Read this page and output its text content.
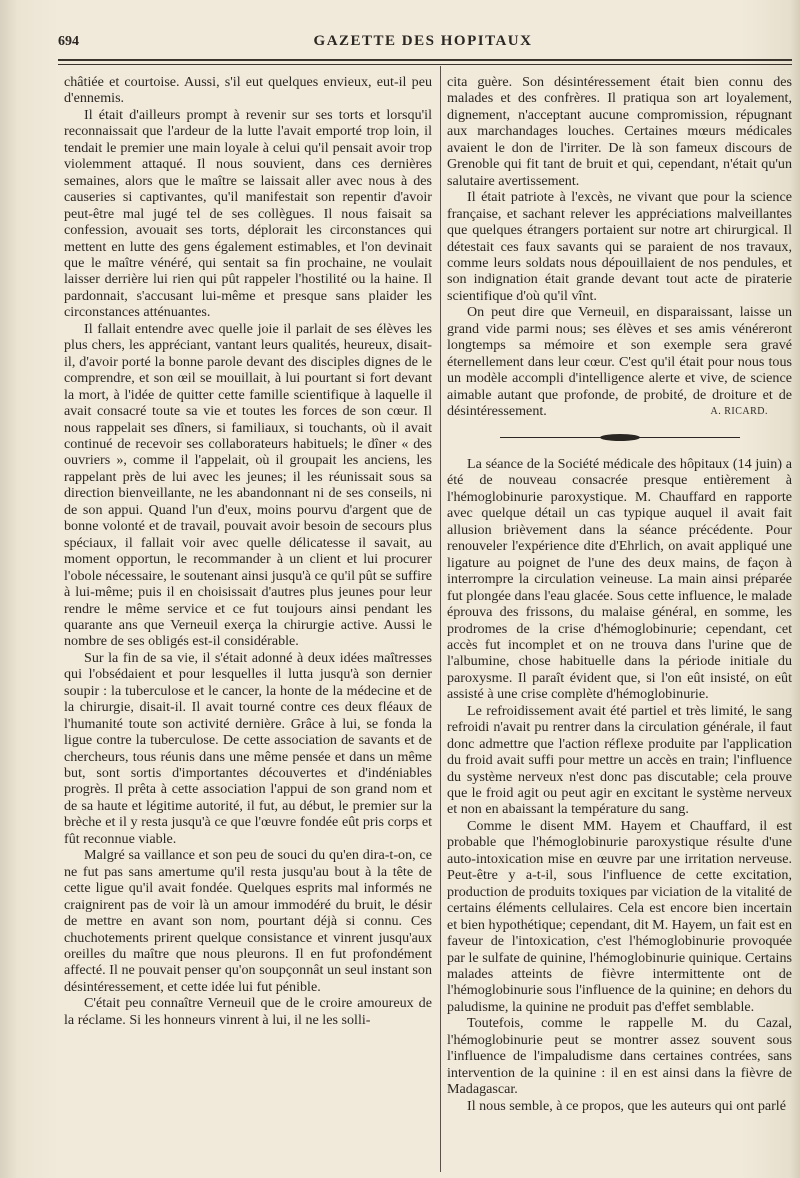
694	GAZETTE DES HOPITAUX

châtiée et courtoise. Aussi, s'il eut quelques envieux, eut-il peu d'ennemis.

Il était d'ailleurs prompt à revenir sur ses torts et lorsqu'il reconnaissait que l'ardeur de la lutte l'avait emporté trop loin, il tendait le premier une main loyale à celui qu'il pensait avoir trop violemment attaqué. Il nous souvient, dans ces dernières semaines, alors que le maître se laissait aller avec nous à des causeries si captivantes, qu'il manifestait son repentir d'avoir peut-être mal jugé tel de ses collègues. Il nous faisait sa confession, avouait ses torts, déplorait les circonstances qui mettent en lutte des gens également estimables, et l'on devinait que le maître vénéré, qui sentait sa fin prochaine, ne voulait laisser derrière lui rien qui pût rappeler l'hostilité ou la haine. Il pardonnait, s'accusant lui-même et presque sans plaider les circonstances atténuantes.

Il fallait entendre avec quelle joie il parlait de ses élèves les plus chers, les appréciant, vantant leurs qualités, heureux, disait-il, d'avoir porté la bonne parole devant des disciples dignes de le comprendre, et son œil se mouillait, à lui pourtant si fort devant la mort, à l'idée de quitter cette famille scientifique à laquelle il avait consacré toute sa vie et toutes les forces de son cœur. Il nous rappelait ses dîners, si familiaux, si touchants, où il avait continué de recevoir ses collaborateurs habituels; le dîner « des ouvriers », comme il l'appelait, où il groupait les anciens, les rappelant près de lui avec les jeunes; il les réunissait sous sa direction bienveillante, ne les abandonnant ni de ses conseils, ni de son appui. Quand l'un d'eux, moins pourvu d'argent que de bonne volonté et de travail, pouvait avoir besoin de secours plus spéciaux, il fallait voir avec quelle délicatesse il savait, au moment opportun, le recommander à un client et lui procurer l'obole nécessaire, le soutenant ainsi jusqu'à ce qu'il pût se suffire à lui-même; puis il en choisissait d'autres plus jeunes pour leur rendre le même service et ce fut toujours ainsi pendant les quarante ans que Verneuil exerça la chirurgie active. Aussi le nombre de ses obligés est-il considérable.

Sur la fin de sa vie, il s'était adonné à deux idées maîtresses qui l'obsédaient et pour lesquelles il lutta jusqu'à son dernier soupir : la tuberculose et le cancer, la honte de la médecine et de la chirurgie, disait-il. Il avait tourné contre ces deux fléaux de l'humanité toute son activité dernière. Grâce à lui, se fonda la ligue contre la tuberculose. De cette association de savants et de chercheurs, tous réunis dans une même pensée et dans un même but, sont sortis d'importantes découvertes et d'indéniables progrès. Il prêta à cette association l'appui de son grand nom et de sa haute et légitime autorité, il fut, au début, le premier sur la brèche et il y resta jusqu'à ce que l'œuvre fondée eût pris corps et fût reconnue viable.

Malgré sa vaillance et son peu de souci du qu'en dira-t-on, ce ne fut pas sans amertume qu'il resta jusqu'au bout à la tête de cette ligue qu'il avait fondée. Quelques esprits mal informés ne craignirent pas de voir là un amour immodéré du bruit, le désir de mettre en avant son nom, pourtant déjà si connu. Ces chuchotements prirent quelque consistance et vinrent jusqu'aux oreilles du maître que nous pleurons. Il en fut profondément affecté. Il ne pouvait penser qu'on soupçonnât un seul instant son désintéressement, et cette idée lui fut pénible.

C'était peu connaître Verneuil que de le croire amoureux de la réclame. Si les honneurs vinrent à lui, il ne les solli-

cita guère. Son désintéressement était bien connu des malades et des confrères. Il pratiqua son art loyalement, dignement, n'acceptant aucune compromission, répugnant aux marchandages louches. Certaines mœurs médicales avaient le don de l'irriter. De là son fameux discours de Grenoble qui fit tant de bruit et qui, cependant, n'était qu'un salutaire avertissement.

Il était patriote à l'excès, ne vivant que pour la science française, et sachant relever les appréciations malveillantes que quelques étrangers portaient sur notre art chirurgical. Il détestait ces faux savants qui se paraient de nos travaux, comme leurs soldats nous dépouillaient de nos pendules, et son indignation était grande devant tout acte de piraterie scientifique d'où qu'il vînt.

On peut dire que Verneuil, en disparaissant, laisse un grand vide parmi nous; ses élèves et ses amis vénéreront longtemps sa mémoire et son exemple sera gravé éternellement dans leur cœur. C'est qu'il était pour nous tous un modèle accompli d'intelligence alerte et vive, de science aimable autant que profonde, de probité, de droiture et de désintéressement.	A. RICARD.

La séance de la Société médicale des hôpitaux (14 juin) a été de nouveau consacrée presque entièrement à l'hémoglobinurie paroxystique. M. Chauffard en rapporte avec quelque détail un cas typique auquel il avait fait allusion brièvement dans la séance précédente. Pour renouveler l'expérience dite d'Ehrlich, on avait appliqué une ligature au poignet de l'une des deux mains, de façon à interrompre la circulation veineuse. La main ainsi préparée fut plongée dans l'eau glacée. Sous cette influence, le malade éprouva des frissons, du malaise général, en somme, les prodromes de la crise d'hémoglobinurie; cependant, cet accès fut incomplet et on ne trouva dans l'urine que de l'albumine, chose habituelle dans la période initiale du paroxysme. Il paraît évident que, si l'on eût insisté, on eût assisté à une crise complète d'hémoglobinurie.

Le refroidissement avait été partiel et très limité, le sang refroidi n'avait pu rentrer dans la circulation générale, il faut donc admettre que l'action réflexe produite par l'application du froid avait suffi pour mettre un accès en train; l'influence du système nerveux n'est donc pas discutable; cela prouve que le froid agit ou peut agir en excitant le système nerveux et non en abaissant la température du sang.

Comme le disent MM. Hayem et Chauffard, il est probable que l'hémoglobinurie paroxystique résulte d'une auto-intoxication mise en œuvre par une irritation nerveuse. Peut-être y a-t-il, sous l'influence de cette excitation, production de produits toxiques par viciation de la vitalité de certains éléments cellulaires. Cela est encore bien incertain et bien hypothétique; cependant, dit M. Hayem, un fait est en faveur de l'intoxication, c'est l'hémoglobinurie provoquée par le sulfate de quinine, l'hémoglobinurie quinique. Certains malades atteints de fièvre intermittente ont de l'hémoglobinurie sous l'influence de la quinine; en dehors du paludisme, la quinine ne produit pas d'effet semblable.

Toutefois, comme le rappelle M. du Cazal, l'hémoglobinurie peut se montrer assez souvent sous l'influence de l'impaludisme dans certaines contrées, sans intervention de la quinine : il en est ainsi dans la fièvre de Madagascar.

Il nous semble, à ce propos, que les auteurs qui ont parlé
